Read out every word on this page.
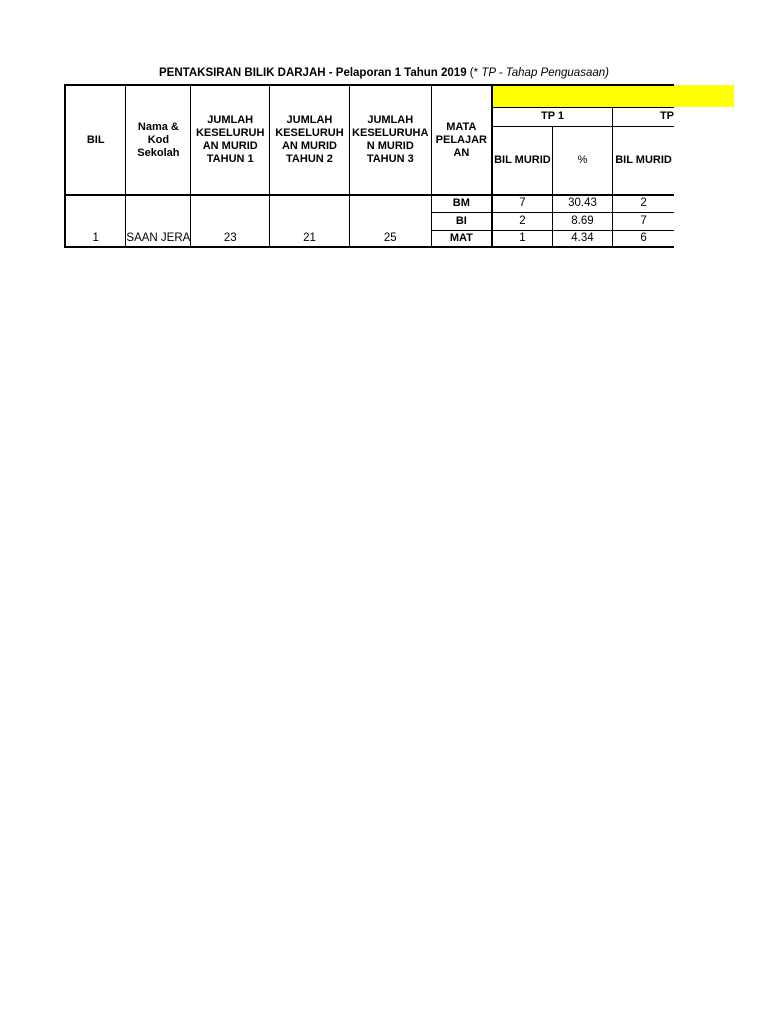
PENTAKSIRAN BILIK DARJAH - Pelaporan 1 Tahun 2019 (* TP - Tahap Penguasaan)
BIL	Nama & Kod Sekolah	JUMLAH KESELURUH AN MURID TAHUN 1	JUMLAH KESELURUH AN MURID TAHUN 2	JUMLAH KESELURUHA N MURID TAHUN 3	MATA PELAJAR AN			
						TP 1		TP
						BIL MURID	%	BIL MURID
1	SAAN JERA	23	21	25	BM	7	30.43	2
					BI	2	8.69	7
					MAT	1	4.34	6
